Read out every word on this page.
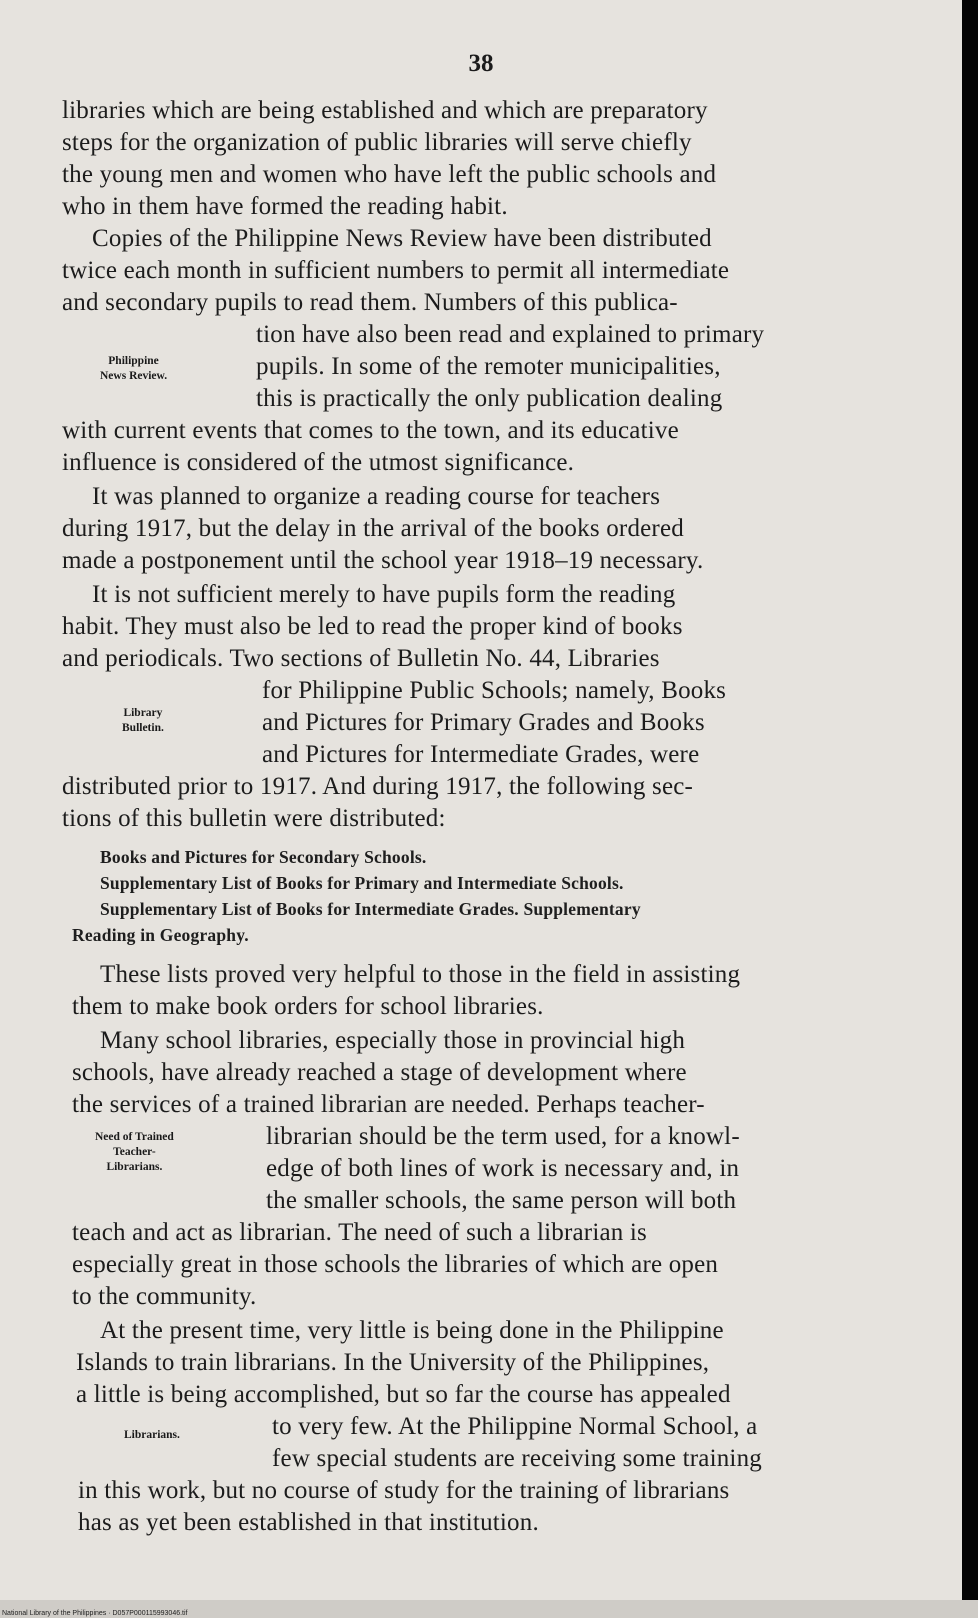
38
libraries which are being established and which are preparatory
steps for the organization of public libraries will serve chiefly
the young men and women who have left the public schools and
who in them have formed the reading habit.
Copies of the Philippine News Review have been distributed
twice each month in sufficient numbers to permit all intermediate
and secondary pupils to read them. Numbers of this publica-
tion have also been read and explained to primary
pupils. In some of the remoter municipalities,
this is practically the only publication dealing
with current events that comes to the town, and its educative
influence is considered of the utmost significance.
Philippine
News Review.
It was planned to organize a reading course for teachers
during 1917, but the delay in the arrival of the books ordered
made a postponement until the school year 1918–19 necessary.
It is not sufficient merely to have pupils form the reading
habit. They must also be led to read the proper kind of books
and periodicals. Two sections of Bulletin No. 44, Libraries
for Philippine Public Schools; namely, Books
and Pictures for Primary Grades and Books
and Pictures for Intermediate Grades, were
distributed prior to 1917. And during 1917, the following sec-
tions of this bulletin were distributed:
Library
Bulletin.
Books and Pictures for Secondary Schools.
Supplementary List of Books for Primary and Intermediate Schools.
Supplementary List of Books for Intermediate Grades. Supplementary
Reading in Geography.
These lists proved very helpful to those in the field in assisting
them to make book orders for school libraries.
Many school libraries, especially those in provincial high
schools, have already reached a stage of development where
the services of a trained librarian are needed. Perhaps teacher-
librarian should be the term used, for a knowl-
edge of both lines of work is necessary and, in
the smaller schools, the same person will both
teach and act as librarian. The need of such a librarian is
especially great in those schools the libraries of which are open
to the community.
Need of Trained
Teacher-
Librarians.
At the present time, very little is being done in the Philippine
Islands to train librarians. In the University of the Philippines,
a little is being accomplished, but so far the course has appealed
to very few. At the Philippine Normal School, a
few special students are receiving some training
in this work, but no course of study for the training of librarians
has as yet been established in that institution.
Librarians.
National Library of the Philippines · D057P000115993046.tif
